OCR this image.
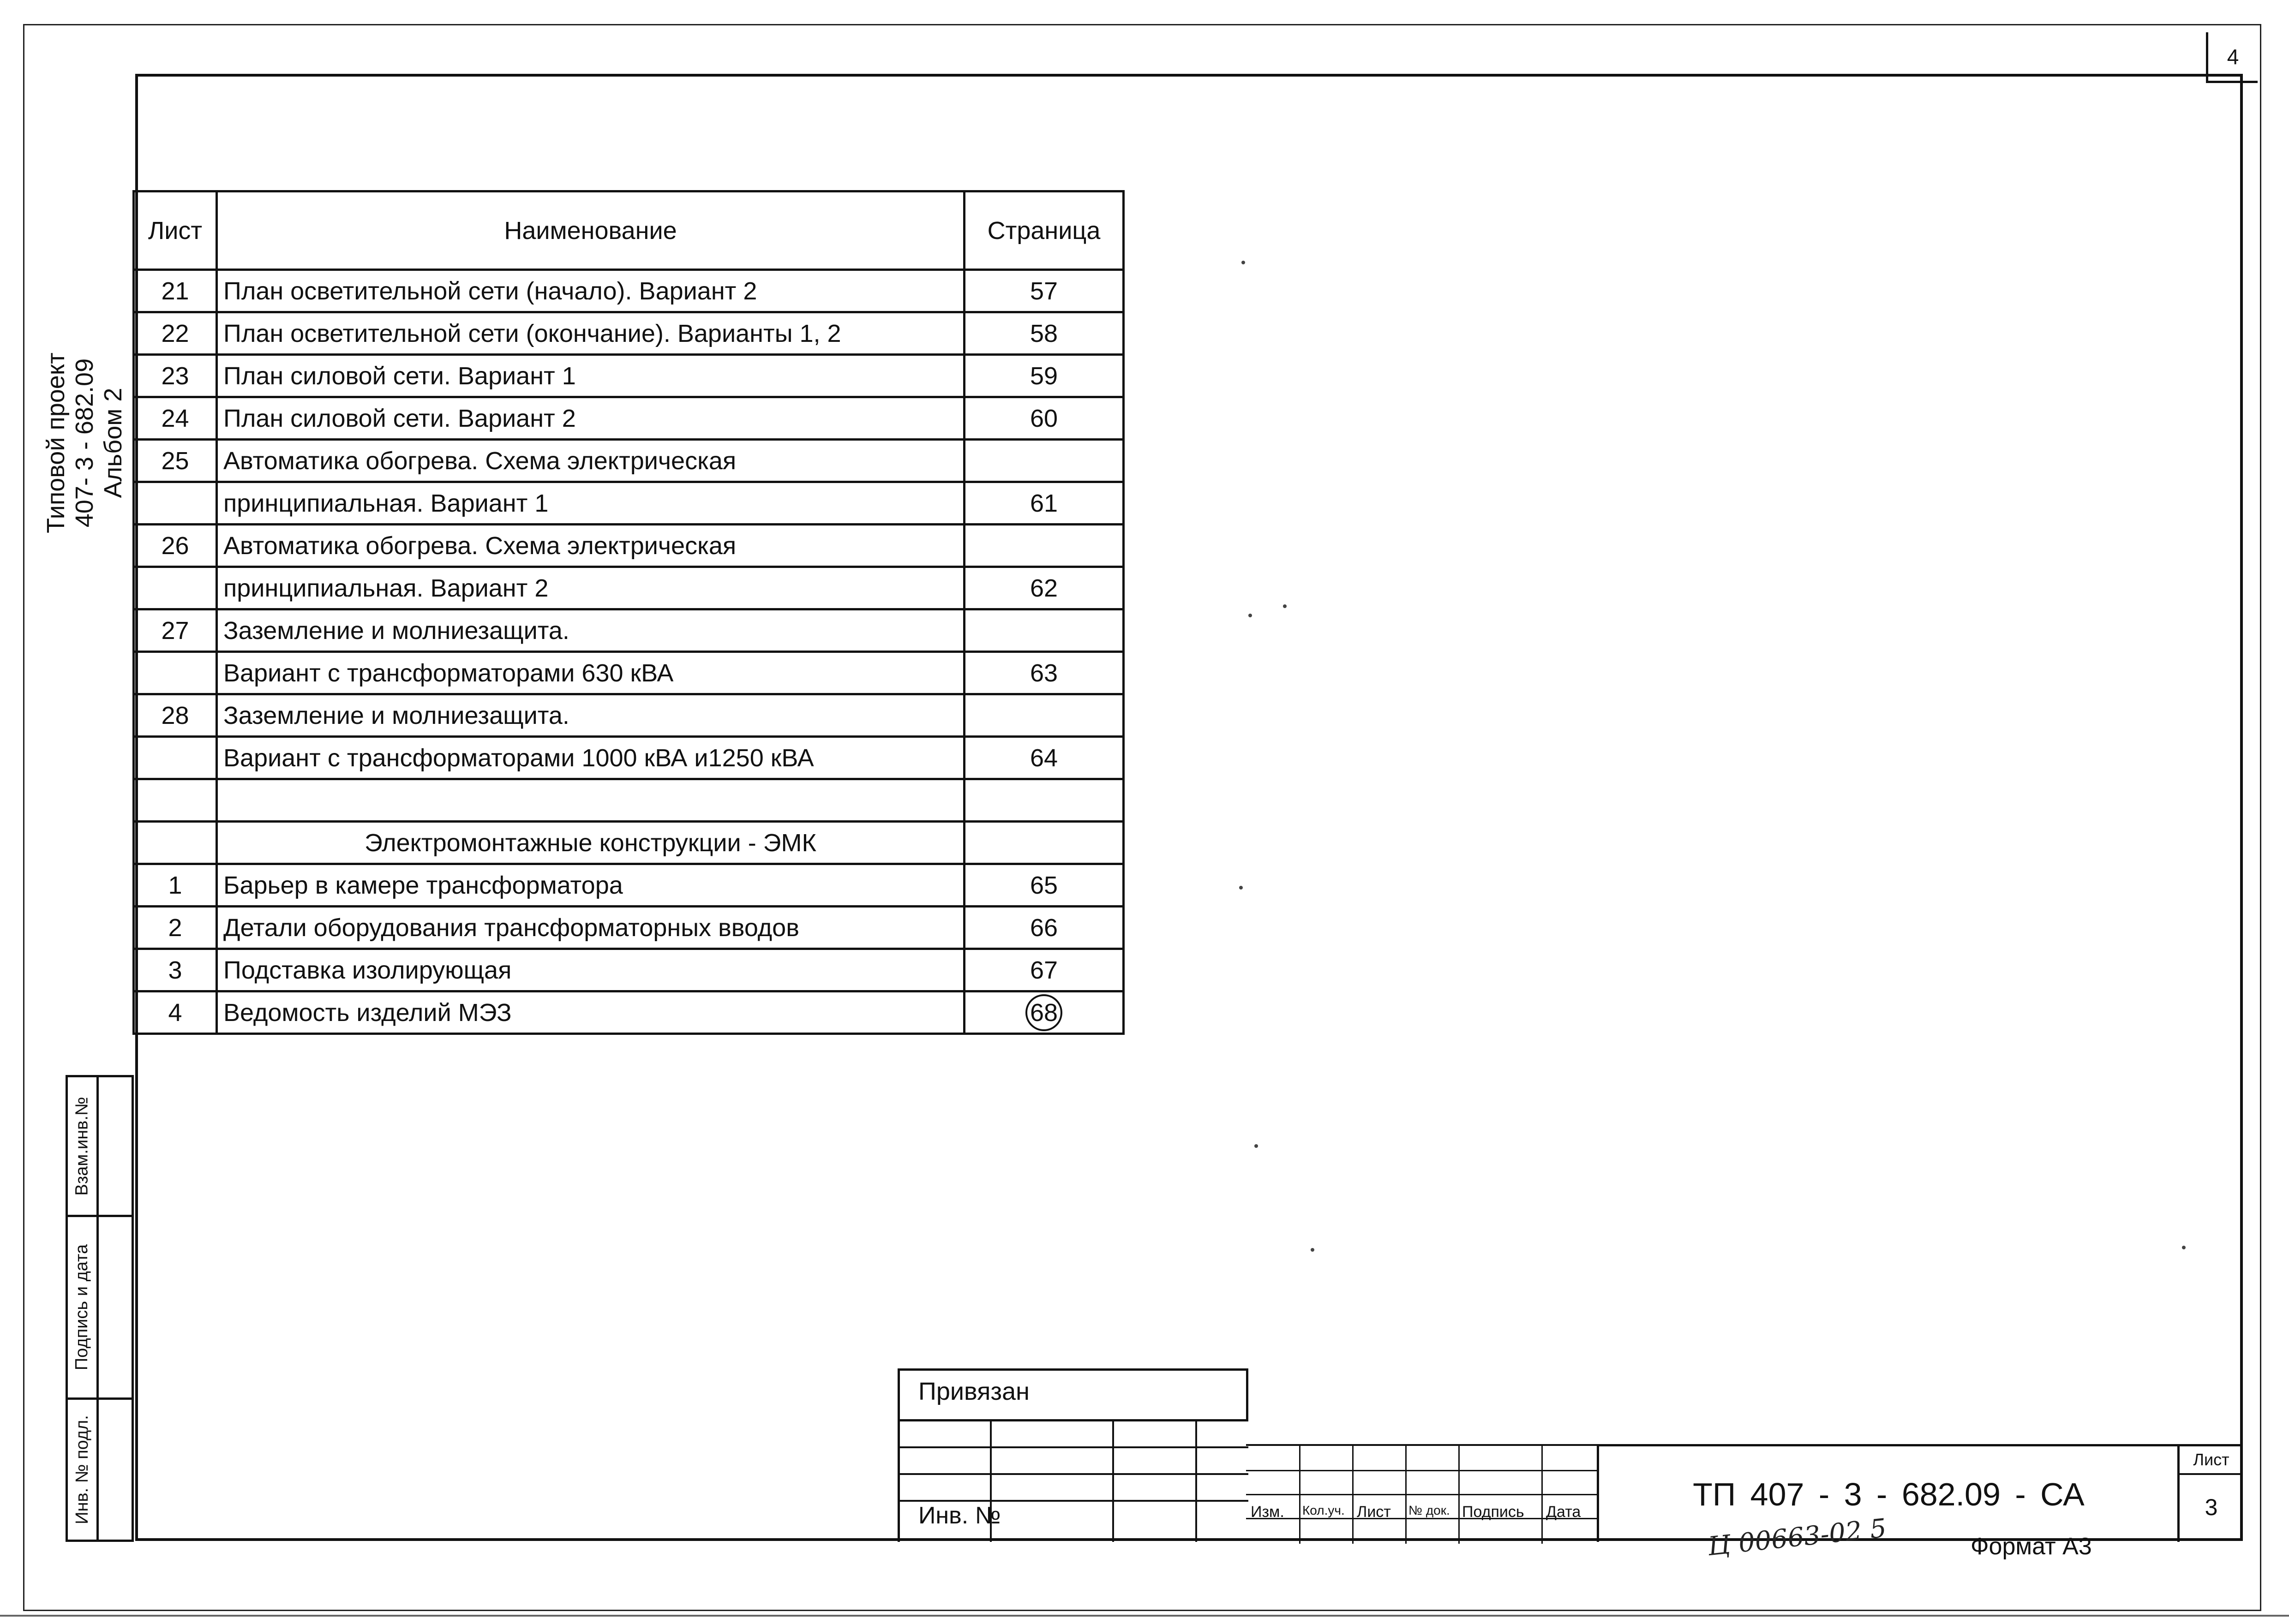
4
Типовой проект 407- 3 - 682.09 Альбом 2
Лист	Наименование	Страница
21	План осветительной сети (начало). Вариант 2	57
22	План осветительной сети (окончание). Варианты 1, 2	58
23	План силовой сети. Вариант 1	59
24	План силовой сети. Вариант 2	60
25	Автоматика обогрева. Схема электрическая	
	принципиальная. Вариант 1	61
26	Автоматика обогрева. Схема электрическая	
	принципиальная. Вариант 2	62
27	Заземление и молниезащита.	
	Вариант с трансформаторами 630 кВА	63
28	Заземление и молниезащита.	
	Вариант с трансформаторами 1000 кВА и1250 кВА	64

	Электромонтажные конструкции - ЭМК	
1	Барьер в камере трансформатора	65
2	Детали оборудования трансформаторных вводов	66
3	Подставка изолирующая	67
4	Ведомость изделий МЭЗ	68
Взам.инв.№
Подпись и дата
Инв. № подл.
Привязан
Инв. №	Изм. Кол.уч. Лист № док. Подпись Дата	ТП 407 - 3 - 682.09 - СА
Лист
3
Ц 00663-02 5	Формат А3
